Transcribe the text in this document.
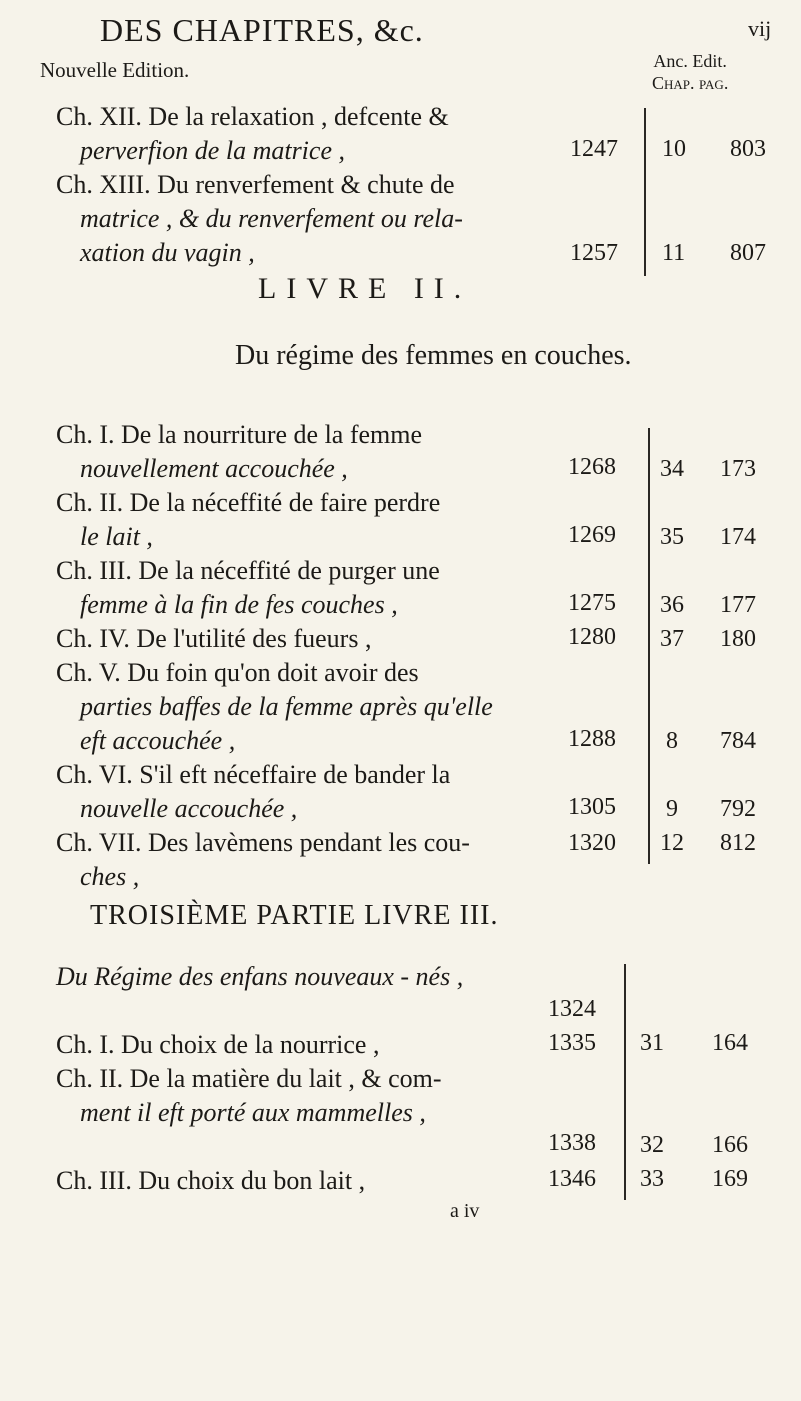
DES CHAPITRES, &c.	vij
Nouvelle Edition.	Anc. Edit.
Chap. pag.
Ch. XII. De la relaxation , defcente &
perverfion de la matrice ,	1247 10 803
Ch. XIII. Du renverfement & chute de
matrice , & du renverfement ou rela-
xation du vagin ,	1257 11 807
LIVRE II.
Du régime des femmes en couches.
Ch. I. De la nourriture de la femme
nouvellement accouchée ,	1268 34 173
Ch. II. De la néceffité de faire perdre
le lait ,	1269 35 174
Ch. III. De la néceffité de purger une
femme à la fin de fes couches ,	1275 36 177
Ch. IV. De l'utilité des fueurs ,	1280 37 180
Ch. V. Du foin qu'on doit avoir des
parties baffes de la femme après qu'elle
eft accouchée ,	1288 8 784
Ch. VI. S'il eft néceffaire de bander la
nouvelle accouchée ,	1305 9 792
Ch. VII. Des lavèmens pendant les cou-
ches ,
1320 12 812
TROISIÈME PARTIE LIVRE III.
Du Régime des enfans nouveaux - nés ,
1324
Ch. I. Du choix de la nourrice ,	1335 31 164
Ch. II. De la matière du lait , & com-
ment il eft porté aux mammelles ,
1338 32 166
Ch. III. Du choix du bon lait ,	1346 33 169
a iv
